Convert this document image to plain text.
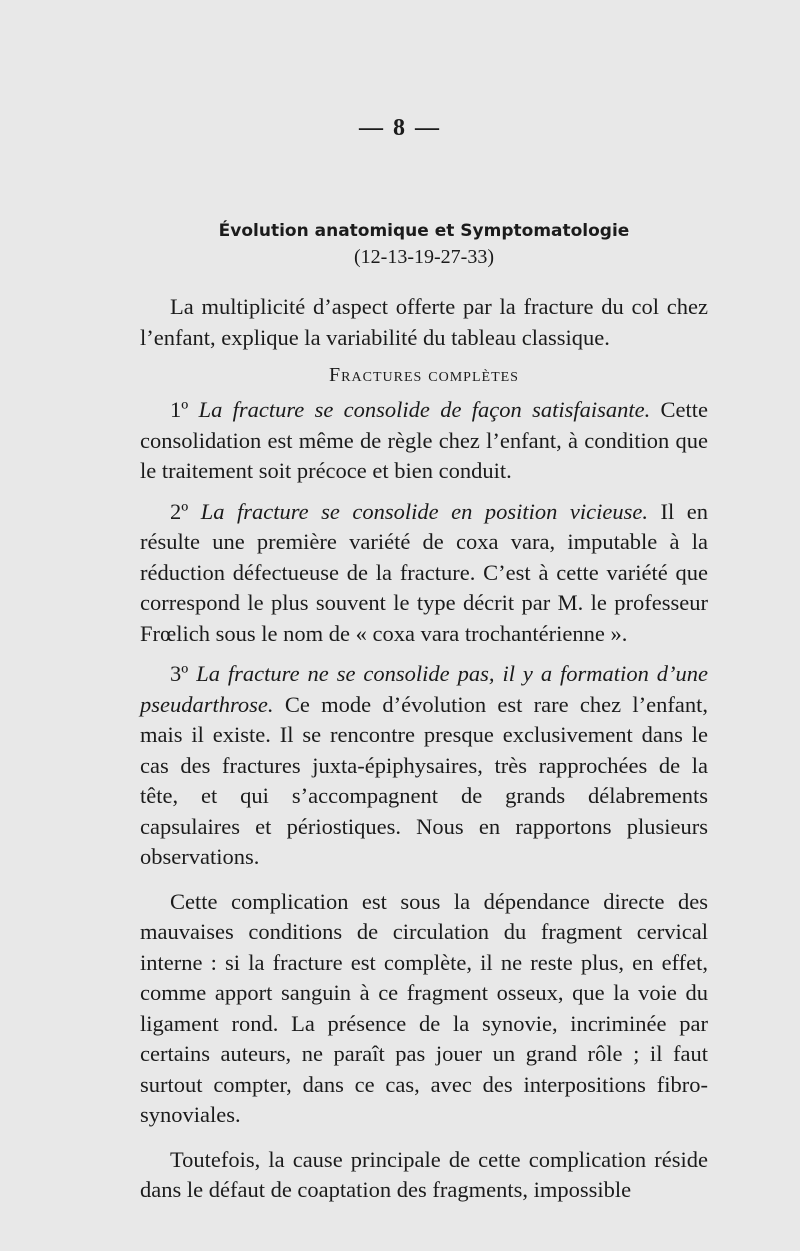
— 8 —
Évolution anatomique et Symptomatologie
(12-13-19-27-33)

La multiplicité d’aspect offerte par la fracture du col chez l’enfant, explique la variabilité du tableau classique.

Fractures complètes

1º La fracture se consolide de façon satisfaisante. Cette consolidation est même de règle chez l’enfant, à condition que le traitement soit précoce et bien conduit.

2º La fracture se consolide en position vicieuse. Il en résulte une première variété de coxa vara, imputable à la réduction défectueuse de la fracture. C’est à cette variété que correspond le plus souvent le type décrit par M. le professeur Frœlich sous le nom de « coxa vara trochantérienne ».

3º La fracture ne se consolide pas, il y a formation d’une pseudarthrose. Ce mode d’évolution est rare chez l’enfant, mais il existe. Il se rencontre presque exclusivement dans le cas des fractures juxta-épiphysaires, très rapprochées de la tête, et qui s’accompagnent de grands délabrements capsulaires et périostiques. Nous en rapportons plusieurs observations.

Cette complication est sous la dépendance directe des mauvaises conditions de circulation du fragment cervical interne : si la fracture est complète, il ne reste plus, en effet, comme apport sanguin à ce fragment osseux, que la voie du ligament rond. La présence de la synovie, incriminée par certains auteurs, ne paraît pas jouer un grand rôle ; il faut surtout compter, dans ce cas, avec des interpositions fibro-synoviales.

Toutefois, la cause principale de cette complication réside dans le défaut de coaptation des fragments, impossible
